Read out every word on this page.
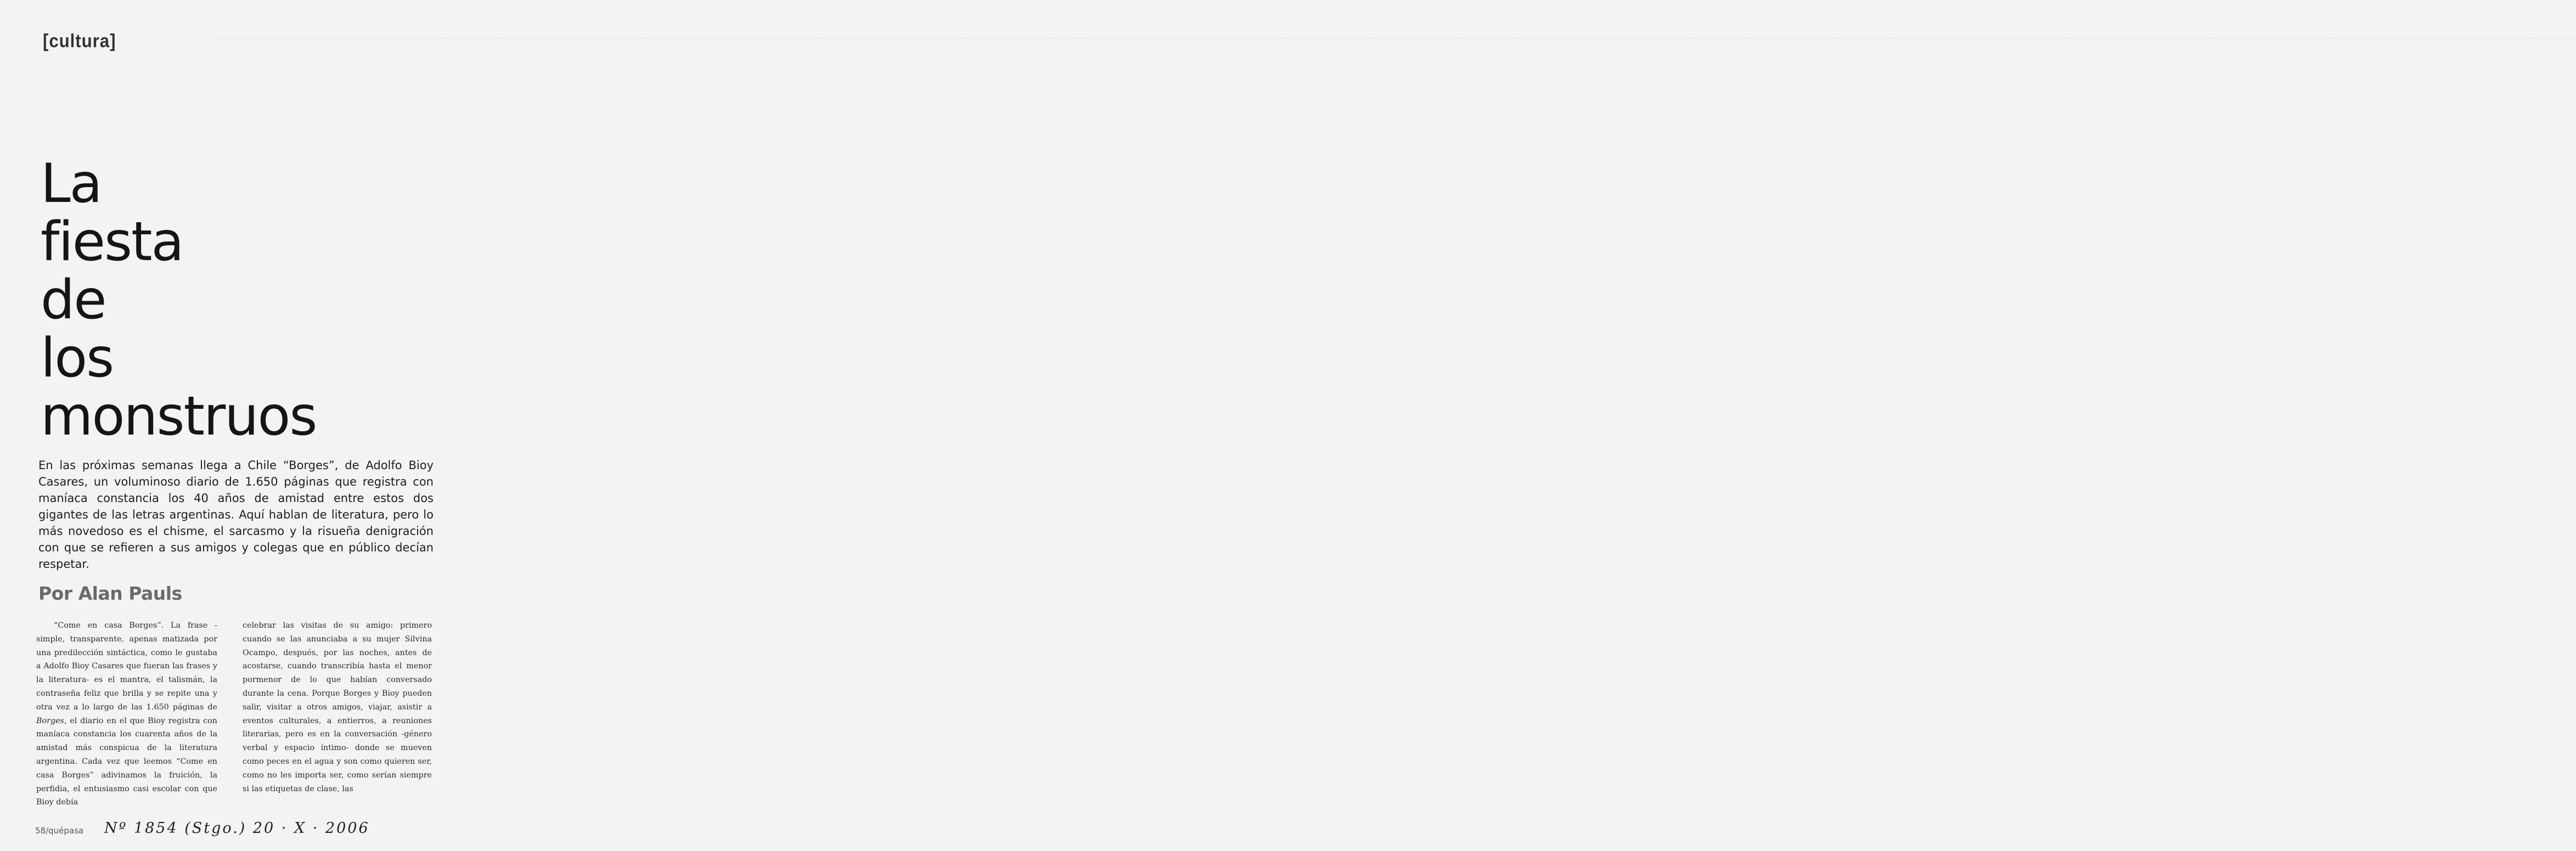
······································································································································································································································································································································································································································································································································································································································································································································································································································································································································································································
[cultura]
La
fiesta
de
los
monstruos

En las próximas semanas llega a Chile “Borges”, de Adolfo Bioy Casares, un voluminoso diario de 1.650 páginas que registra con maníaca constancia los 40 años de amistad entre estos dos gigantes de las letras argentinas. Aquí hablan de literatura, pero lo más novedoso es el chisme, el sarcasmo y la risueña denigración con que se refieren a sus amigos y colegas que en público decían respetar.

Por Alan Pauls

“Come en casa Borges”. La frase -simple, transparente, apenas matizada por una predilección sintáctica, como le gustaba a Adolfo Bioy Casares que fueran las frases y la literatura- es el mantra, el talismán, la contraseña feliz que brilla y se repite una y otra vez a lo largo de las 1.650 páginas de Borges, el diario en el que Bioy registra con maníaca constancia los cuarenta años de la amistad más conspicua de la literatura argentina. Cada vez que leemos “Come en casa Borges” adivinamos la fruición, la perfidia, el entusiasmo casi escolar con que Bioy debía

celebrar las visitas de su amigo: primero cuando se las anunciaba a su mujer Silvina Ocampo, después, por las noches, antes de acostarse, cuando transcribía hasta el menor pormenor de lo que habían conversado durante la cena. Porque Borges y Bioy pueden salir, visitar a otros amigos, viajar, asistir a eventos culturales, a entierros, a reuniones literarias, pero es en la conversación -género verbal y espacio íntimo- donde se mueven como peces en el agua y son como quieren ser, como no les importa ser, como serían siempre si las etiquetas de clase, las

58/quépasa Nº 1854 (Stgo.) 20 · X · 2006
